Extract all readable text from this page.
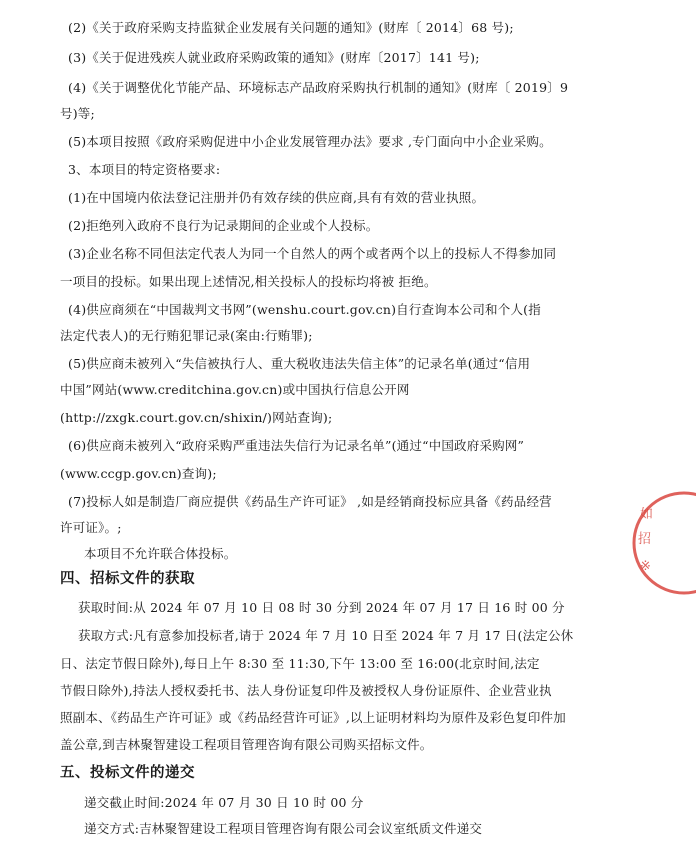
(2)《关于政府采购支持监狱企业发展有关问题的通知》(财库〔 2014〕68 号);
(3)《关于促进残疾人就业政府采购政策的通知》(财库〔2017〕141 号);
(4)《关于调整优化节能产品、环境标志产品政府采购执行机制的通知》(财库〔 2019〕9
号)等;
(5)本项目按照《政府采购促进中小企业发展管理办法》要求 ,专门面向中小企业采购。
3、本项目的特定资格要求:
(1)在中国境内依法登记注册并仍有效存续的供应商,具有有效的营业执照。
(2)拒绝列入政府不良行为记录期间的企业或个人投标。
(3)企业名称不同但法定代表人为同一个自然人的两个或者两个以上的投标人不得参加同
一项目的投标。如果出现上述情况,相关投标人的投标均将被 拒绝。
(4)供应商须在“中国裁判文书网”(wenshu.court.gov.cn)自行查询本公司和个人(指
法定代表人)的无行贿犯罪记录(案由:行贿罪);
(5)供应商未被列入“失信被执行人、重大税收违法失信主体”的记录名单(通过“信用
中国”网站(www.creditchina.gov.cn)或中国执行信息公开网
(http://zxgk.court.gov.cn/shixin/)网站查询);
(6)供应商未被列入“政府采购严重违法失信行为记录名单”(通过“中国政府采购网”
(www.ccgp.gov.cn)查询);
(7)投标人如是制造厂商应提供《药品生产许可证》 ,如是经销商投标应具备《药品经营
许可证》。;
本项目不允许联合体投标。
四、招标文件的获取
获取时间:从 2024 年 07 月 10 日 08 时 30 分到 2024 年 07 月 17 日 16 时 00 分
获取方式:凡有意参加投标者,请于 2024 年 7 月 10 日至 2024 年 7 月 17 日(法定公休
日、法定节假日除外),每日上午 8:30 至 11:30,下午 13:00 至 16:00(北京时间,法定
节假日除外),持法人授权委托书、法人身份证复印件及被授权人身份证原件、企业营业执
照副本、《药品生产许可证》或《药品经营许可证》,以上证明材料均为原件及彩色复印件加
盖公章,到吉林聚智建设工程项目管理咨询有限公司购买招标文件。
五、投标文件的递交
递交截止时间:2024 年 07 月 30 日 10 时 00 分
递交方式:吉林聚智建设工程项目管理咨询有限公司会议室纸质文件递交
如
招
※
